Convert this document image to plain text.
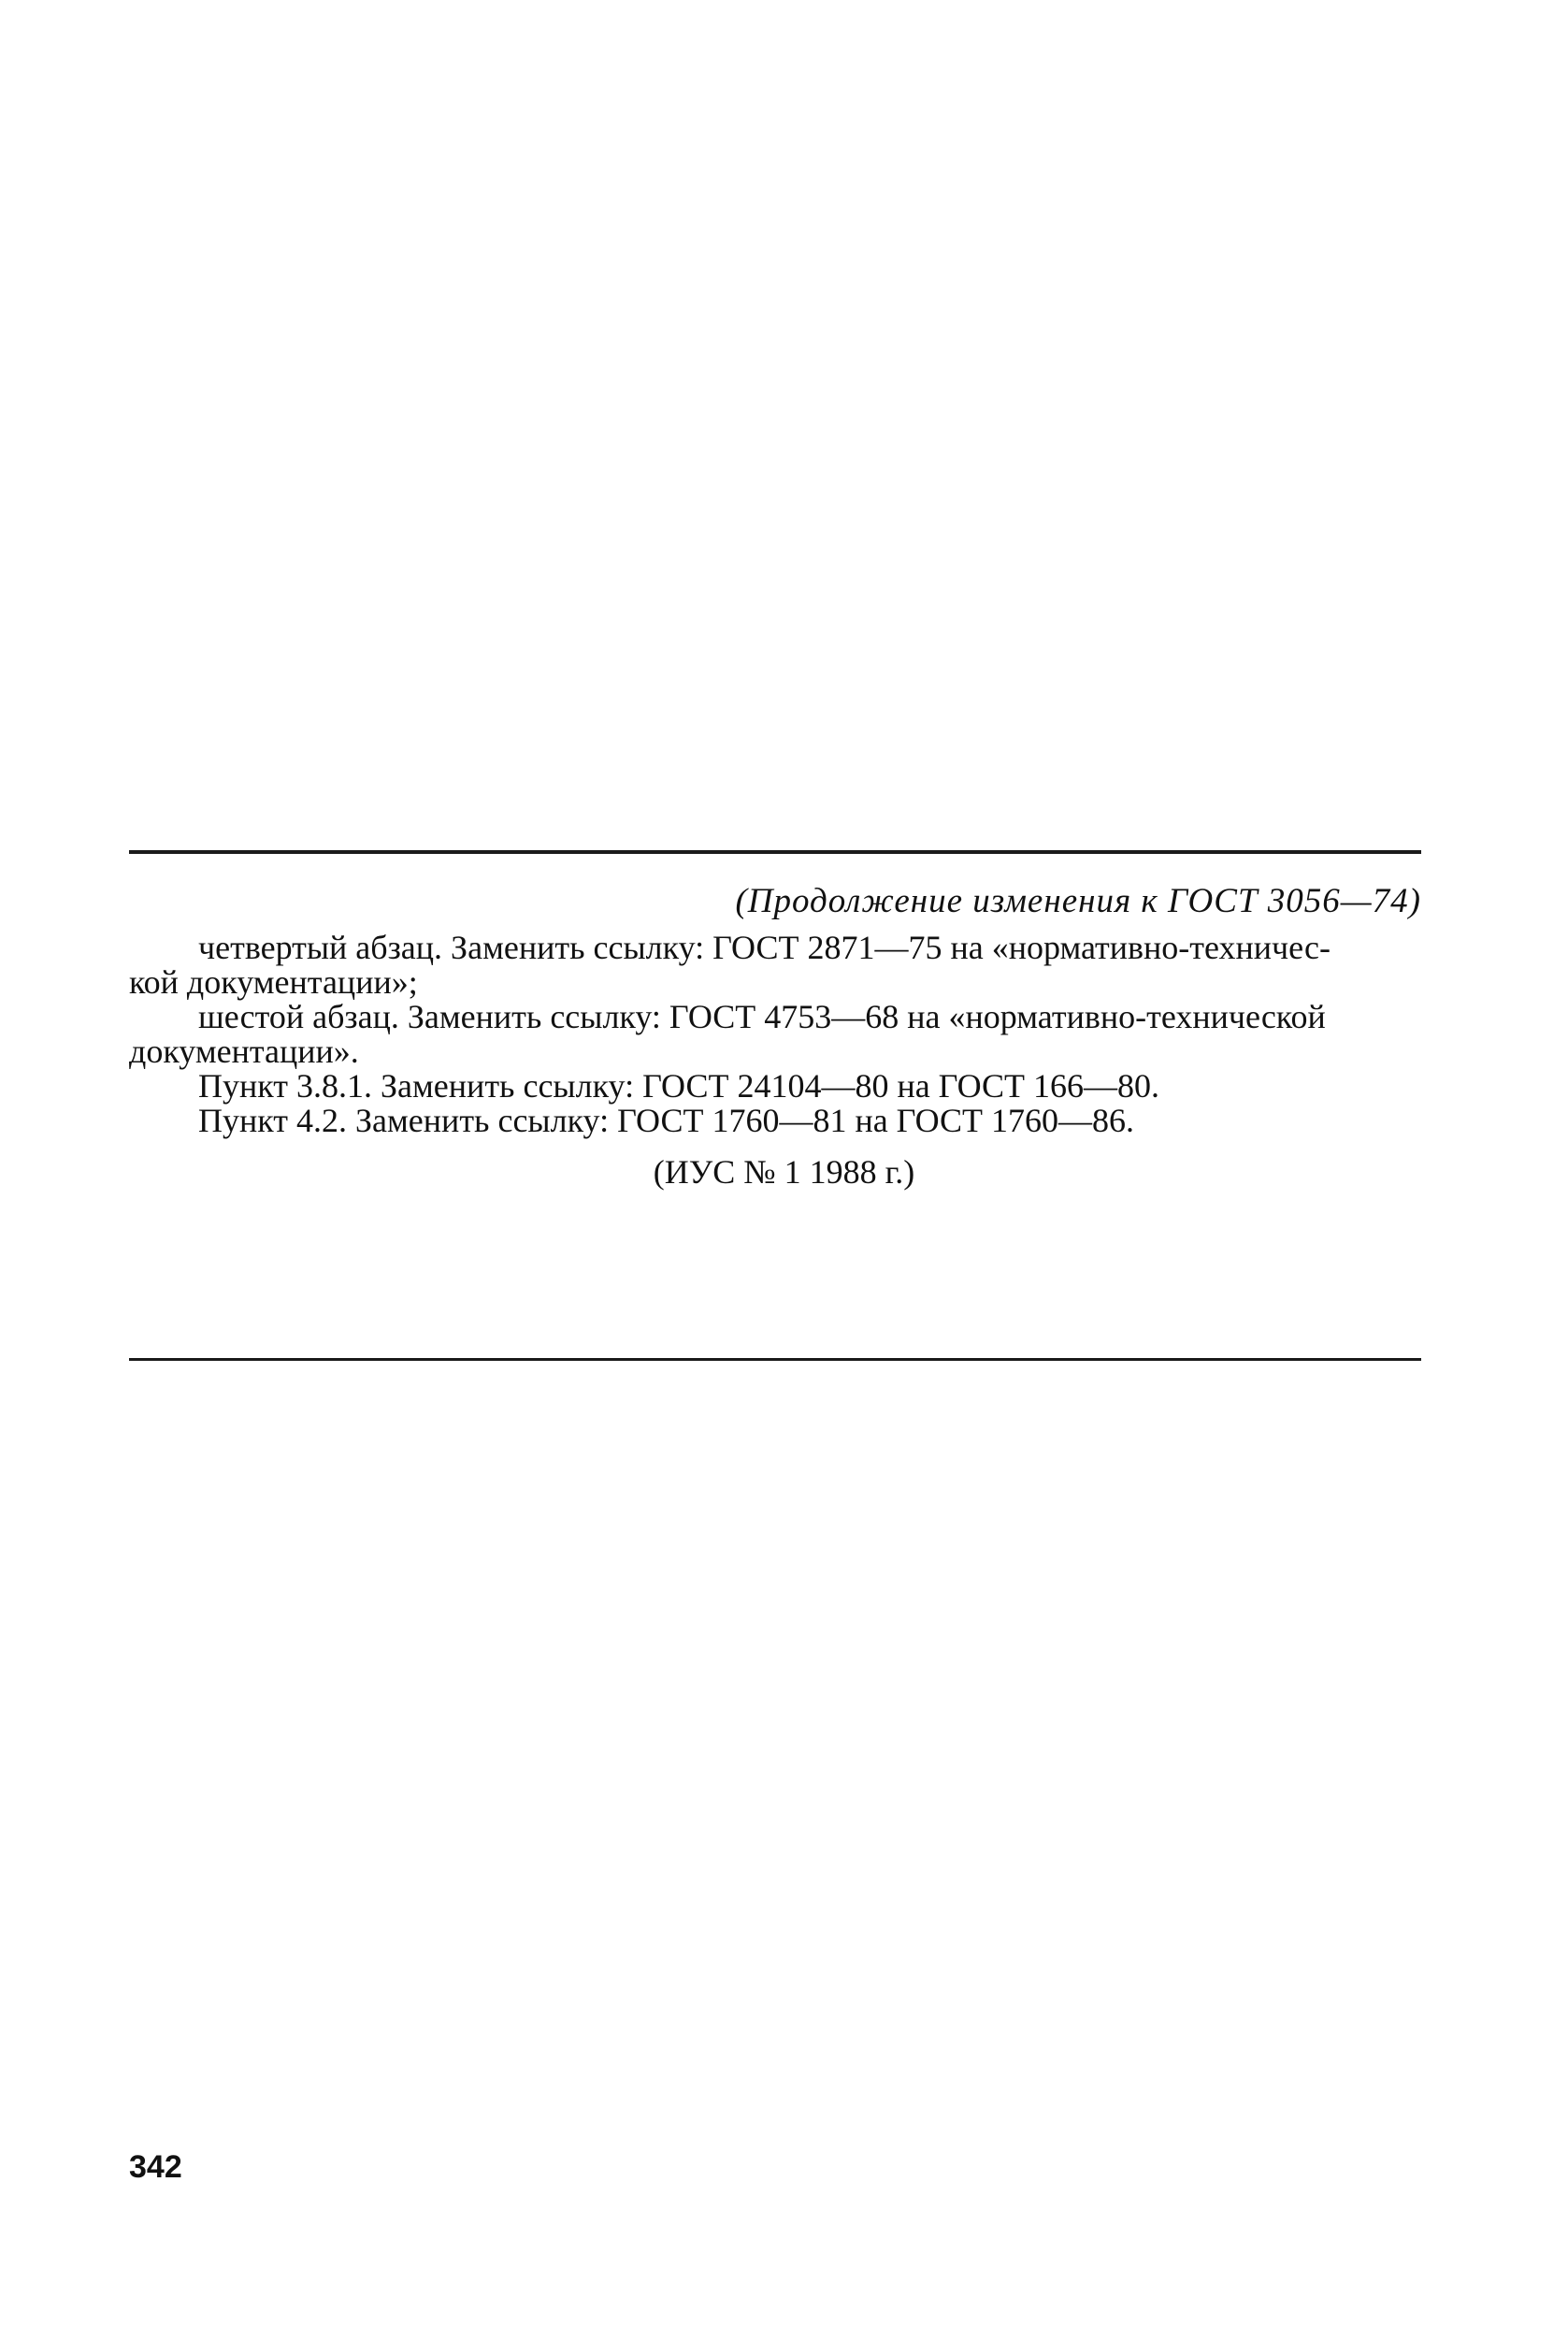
(Продолжение изменения к ГОСТ 3056—74)

четвертый абзац. Заменить ссылку: ГОСТ 2871—75 на «нормативно-техничес-
кой документации»;

шестой абзац. Заменить ссылку: ГОСТ 4753—68 на «нормативно-технической
документации».

Пункт 3.8.1. Заменить ссылку: ГОСТ 24104—80 на ГОСТ 166—80.

Пункт 4.2. Заменить ссылку: ГОСТ 1760—81 на ГОСТ 1760—86.

(ИУС № 1 1988 г.)
342
